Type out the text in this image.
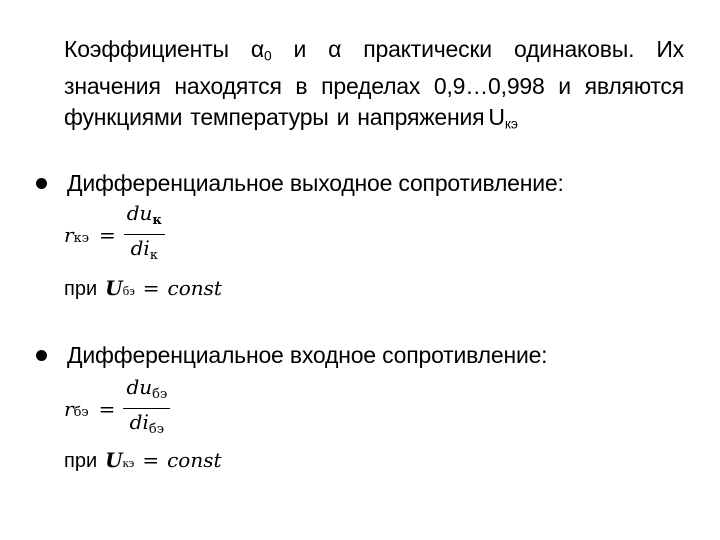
Коэффициенты $\alpha_0$ и α практически одинаковы. Их
значения находятся в пределах 0,9…0,998 и являются
функциями температуры и напряжения $U_{кэ}$
Дифференциальное выходное сопротивление:
r кэ = $\frac{du_к}{di_к}$
при U бэ = const
Дифференциальное входное сопротивление:
r бэ = $\frac{du_{бэ}}{di_{бэ}}$
при U кэ = const
